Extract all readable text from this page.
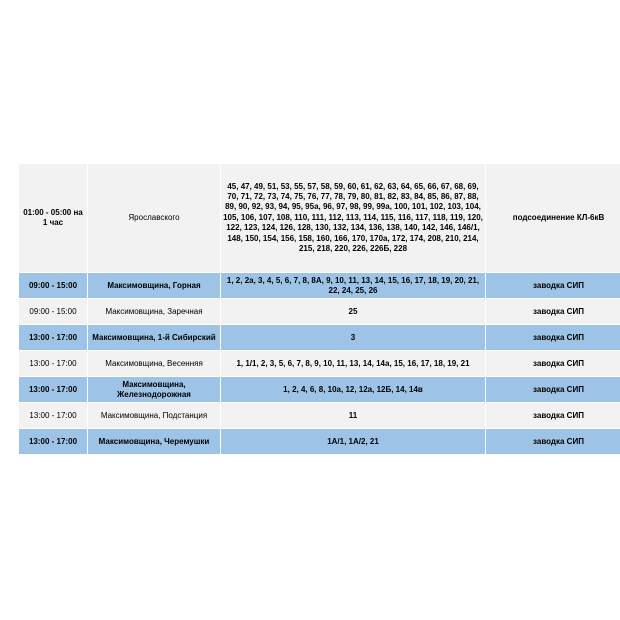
01:00 - 05:00 на 1 час	Ярославского	45, 47, 49, 51, 53, 55, 57, 58, 59, 60, 61, 62, 63, 64, 65, 66, 67, 68, 69, 70, 71, 72, 73, 74, 75, 76, 77, 78, 79, 80, 81, 82, 83, 84, 85, 86, 87, 88, 89, 90, 92, 93, 94, 95, 95а, 96, 97, 98, 99, 99а, 100, 101, 102, 103, 104, 105, 106, 107, 108, 110, 111, 112, 113, 114, 115, 116, 117, 118, 119, 120, 122, 123, 124, 126, 128, 130, 132, 134, 136, 138, 140, 142, 146, 146/1, 148, 150, 154, 156, 158, 160, 166, 170, 170а, 172, 174, 208, 210, 214, 215, 218, 220, 226, 226Б, 228	подсоединение КЛ-6кВ
09:00 - 15:00	Максимовщина, Горная	1, 2, 2а, 3, 4, 5, 6, 7, 8, 8А, 9, 10, 11, 13, 14, 15, 16, 17, 18, 19, 20, 21, 22, 24, 25, 26	заводка СИП
09:00 - 15:00	Максимовщина, Заречная	25	заводка СИП
13:00 - 17:00	Максимовщина, 1-й Сибирский	3	заводка СИП
13:00 - 17:00	Максимовщина, Весенняя	1, 1/1, 2, 3, 5, 6, 7, 8, 9, 10, 11, 13, 14, 14а, 15, 16, 17, 18, 19, 21	заводка СИП
13:00 - 17:00	Максимовщина, Железнодорожная	1, 2, 4, 6, 8, 10а, 12, 12а, 12Б, 14, 14в	заводка СИП
13:00 - 17:00	Максимовщина, Подстанция	11	заводка СИП
13:00 - 17:00	Максимовщина, Черемушки	1А/1, 1А/2, 21	заводка СИП
